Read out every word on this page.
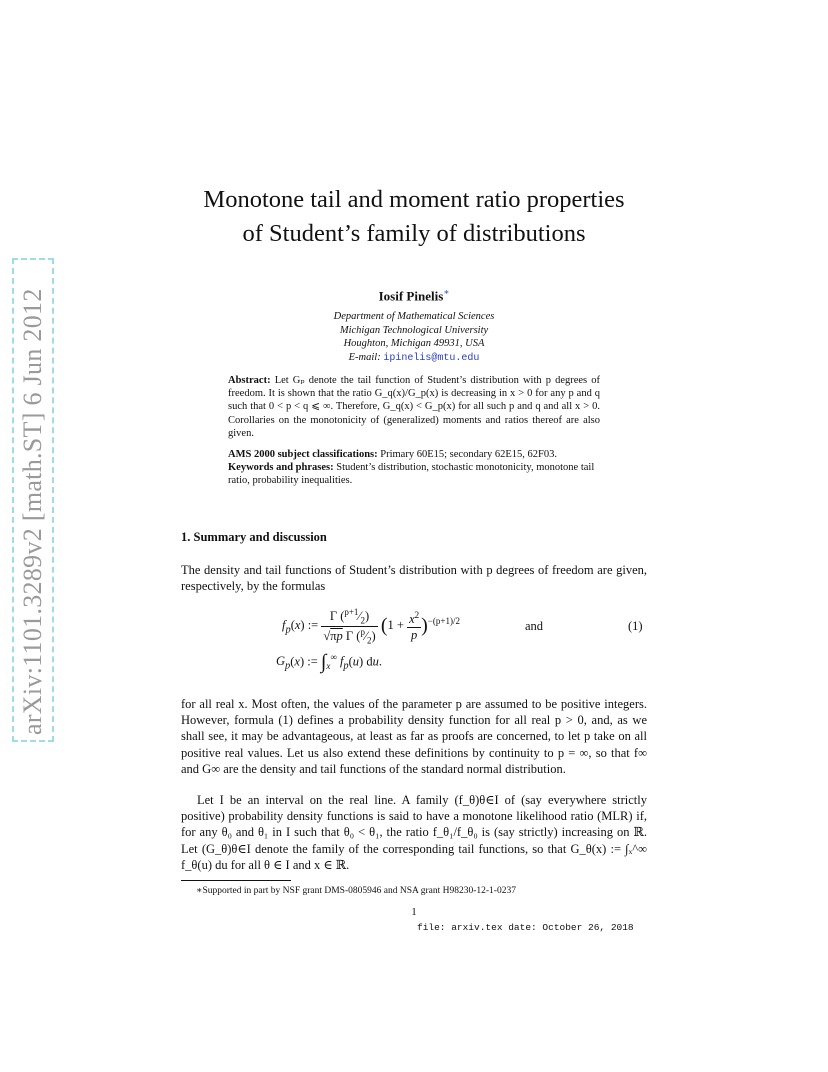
arXiv:1101.3289v2 [math.ST] 6 Jun 2012
Monotone tail and moment ratio properties of Student’s family of distributions
Iosif Pinelis∗
Department of Mathematical Sciences
Michigan Technological University
Houghton, Michigan 49931, USA
E-mail: ipinelis@mtu.edu
Abstract: Let Gₚ denote the tail function of Student’s distribution with p degrees of freedom. It is shown that the ratio G_q(x)/G_p(x) is decreasing in x > 0 for any p and q such that 0 < p < q ⩽ ∞. Therefore, G_q(x) < G_p(x) for all such p and q and all x > 0. Corollaries on the monotonicity of (generalized) moments and ratios thereof are also given.
AMS 2000 subject classifications: Primary 60E15; secondary 62E15, 62F03.
Keywords and phrases: Student’s distribution, stochastic monotonicity, monotone tail ratio, probability inequalities.
1. Summary and discussion
The density and tail functions of Student’s distribution with p degrees of freedom are given, respectively, by the formulas
$f_p(x)$ := $\frac{\Gamma (^{p+1}⁄_2)}{√\pi p \Gamma (^p⁄_2)} (1 + \frac{x^2}{p} )^{-(p+1)/2}$	and	(1)
$G_p(x)$ := $\int_x^\infty$ $f_p(u)$ du.
for all real x. Most often, the values of the parameter p are assumed to be positive integers. However, formula (1) defines a probability density function for all real p > 0, and, as we shall see, it may be advantageous, at least as far as proofs are concerned, to let p take on all positive real values. Let us also extend these definitions by continuity to p = ∞, so that f∞ and G∞ are the density and tail functions of the standard normal distribution.
Let I be an interval on the real line. A family (f_θ)θ∈I of (say everywhere strictly positive) probability density functions is said to have a monotone likelihood ratio (MLR) if, for any θ₀ and θ₁ in I such that θ₀ < θ₁, the ratio f_θ₁/f_θ₀ is (say strictly) increasing on ℝ. Let (G_θ)θ∈I denote the family of the corresponding tail functions, so that G_θ(x) := ∫ₓ^∞ f_θ(u) du for all θ ∈ I and x ∈ ℝ.
∗Supported in part by NSF grant DMS-0805946 and NSA grant H98230-12-1-0237
1
file: arxiv.tex date: October 26, 2018
